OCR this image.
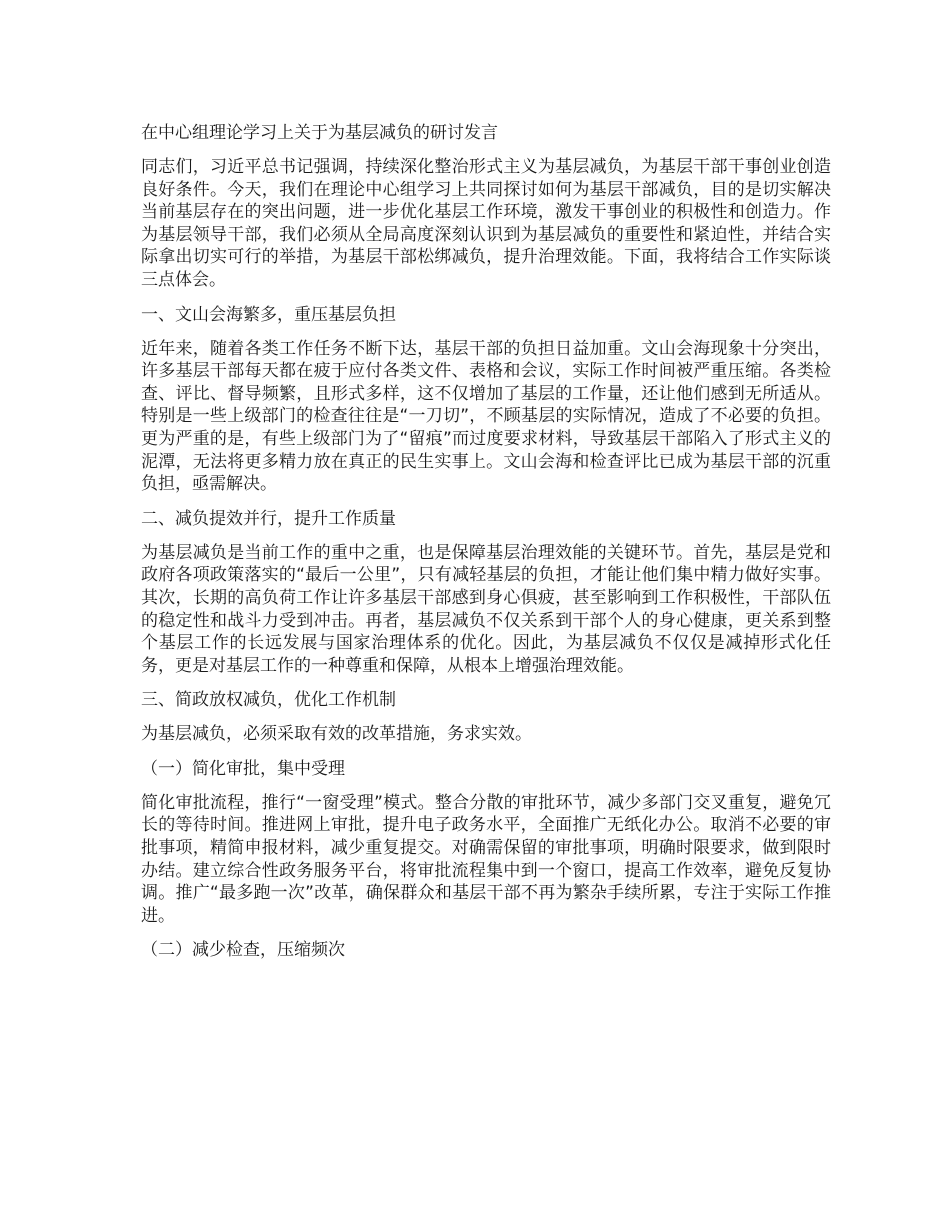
在中心组理论学习上关于为基层减负的研讨发言

同志们，习近平总书记强调，持续深化整治形式主义为基层减负，为基层干部干事创业创造良好条件。今天，我们在理论中心组学习上共同探讨如何为基层干部减负，目的是切实解决当前基层存在的突出问题，进一步优化基层工作环境，激发干事创业的积极性和创造力。作为基层领导干部，我们必须从全局高度深刻认识到为基层减负的重要性和紧迫性，并结合实际拿出切实可行的举措，为基层干部松绑减负，提升治理效能。下面，我将结合工作实际谈三点体会。

一、文山会海繁多，重压基层负担

近年来，随着各类工作任务不断下达，基层干部的负担日益加重。文山会海现象十分突出，许多基层干部每天都在疲于应付各类文件、表格和会议，实际工作时间被严重压缩。各类检查、评比、督导频繁，且形式多样，这不仅增加了基层的工作量，还让他们感到无所适从。特别是一些上级部门的检查往往是“一刀切”，不顾基层的实际情况，造成了不必要的负担。更为严重的是，有些上级部门为了“留痕”而过度要求材料，导致基层干部陷入了形式主义的泥潭，无法将更多精力放在真正的民生实事上。文山会海和检查评比已成为基层干部的沉重负担，亟需解决。

二、减负提效并行，提升工作质量

为基层减负是当前工作的重中之重，也是保障基层治理效能的关键环节。首先，基层是党和政府各项政策落实的“最后一公里”，只有减轻基层的负担，才能让他们集中精力做好实事。其次，长期的高负荷工作让许多基层干部感到身心俱疲，甚至影响到工作积极性，干部队伍的稳定性和战斗力受到冲击。再者，基层减负不仅关系到干部个人的身心健康，更关系到整个基层工作的长远发展与国家治理体系的优化。因此，为基层减负不仅仅是减掉形式化任务，更是对基层工作的一种尊重和保障，从根本上增强治理效能。

三、简政放权减负，优化工作机制

为基层减负，必须采取有效的改革措施，务求实效。

（一）简化审批，集中受理

简化审批流程，推行“一窗受理”模式。整合分散的审批环节，减少多部门交叉重复，避免冗长的等待时间。推进网上审批，提升电子政务水平，全面推广无纸化办公。取消不必要的审批事项，精简申报材料，减少重复提交。对确需保留的审批事项，明确时限要求，做到限时办结。建立综合性政务服务平台，将审批流程集中到一个窗口，提高工作效率，避免反复协调。推广“最多跑一次”改革，确保群众和基层干部不再为繁杂手续所累，专注于实际工作推进。

（二）减少检查，压缩频次
